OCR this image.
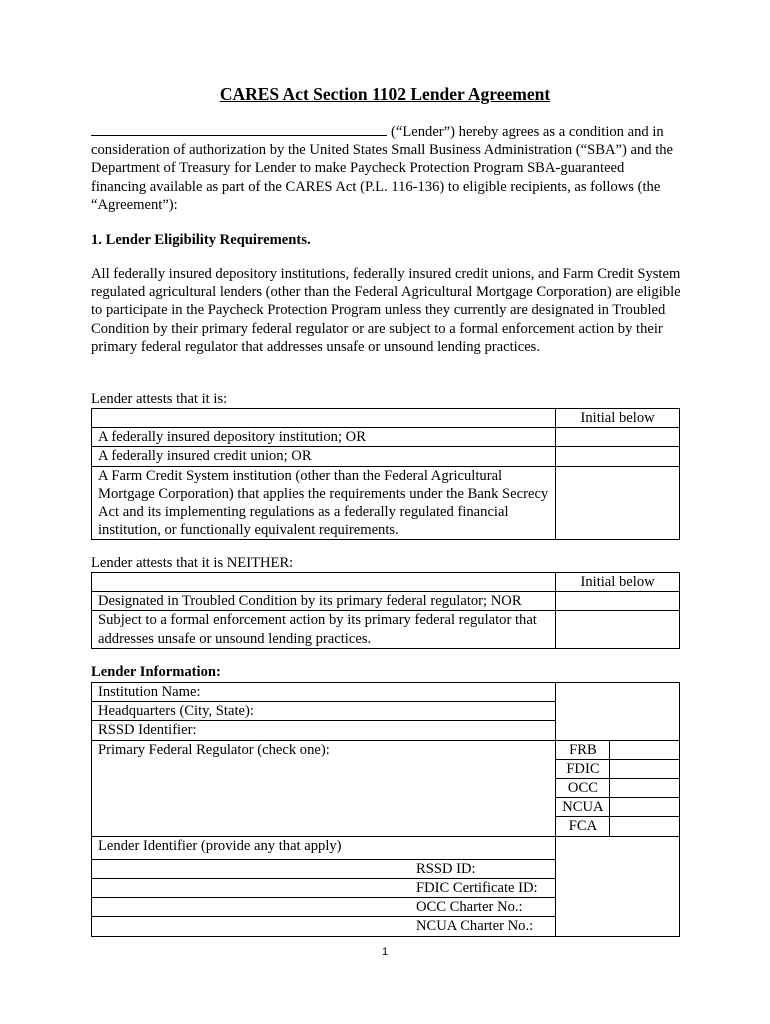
CARES Act Section 1102 Lender Agreement
(“Lender”) hereby agrees as a condition and in consideration of authorization by the United States Small Business Administration (“SBA”) and the Department of Treasury for Lender to make Paycheck Protection Program SBA-guaranteed financing available as part of the CARES Act (P.L. 116-136) to eligible recipients, as follows (the “Agreement”):
1. Lender Eligibility Requirements.
All federally insured depository institutions, federally insured credit unions, and Farm Credit System regulated agricultural lenders (other than the Federal Agricultural Mortgage Corporation) are eligible to participate in the Paycheck Protection Program unless they currently are designated in Troubled Condition by their primary federal regulator or are subject to a formal enforcement action by their primary federal regulator that addresses unsafe or unsound lending practices.
Lender attests that it is:
	Initial below
A federally insured depository institution; OR	
A federally insured credit union; OR	
A Farm Credit System institution (other than the Federal Agricultural Mortgage Corporation) that applies the requirements under the Bank Secrecy Act and its implementing regulations as a federally regulated financial institution, or functionally equivalent requirements.	
Lender attests that it is NEITHER:
	Initial below
Designated in Troubled Condition by its primary federal regulator; NOR	
Subject to a formal enforcement action by its primary federal regulator that addresses unsafe or unsound lending practices.	
Lender Information:
Institution Name:		
Headquarters (City, State):		
RSSD Identifier:		
Primary Federal Regulator (check one):	FRB	
	FDIC	
	OCC	
	NCUA	
	FCA	
Lender Identifier (provide any that apply)		
RSSD ID:		
FDIC Certificate ID:		
OCC Charter No.:		
NCUA Charter No.:		
1
